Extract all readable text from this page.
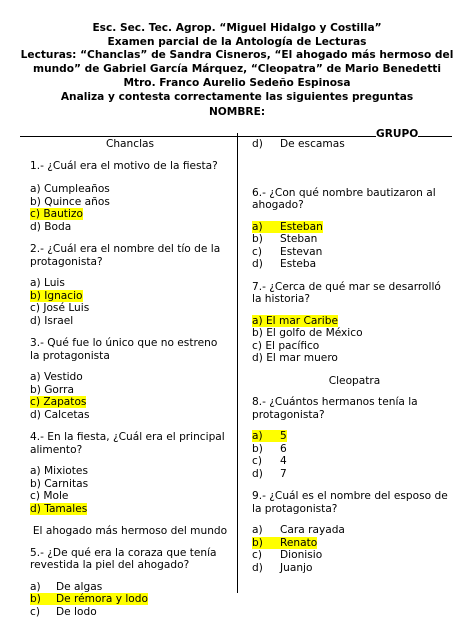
Esc. Sec. Tec. Agrop. “Miguel Hidalgo y Costilla”
Examen parcial de la Antología de Lecturas
Lecturas: “Chanclas” de Sandra Cisneros, “El ahogado más hermoso del
mundo” de Gabriel García Márquez, “Cleopatra” de Mario Benedetti
Mtro. Franco Aurelio Sedeño Espinosa
Analiza y contesta correctamente las siguientes preguntas
NOMBRE:
GRUPO
Chanclas
1.- ¿Cuál era el motivo de la fiesta?
a) Cumpleaños
b) Quince años
c) Bautizo
d) Boda
2.- ¿Cuál era el nombre del tío de la
protagonista?
a) Luis
b) Ignacio
c) José Luis
d) Israel
3.- Qué fue lo único que no estreno
la protagonista
a) Vestido
b) Gorra
c) Zapatos
d) Calcetas
4.- En la fiesta, ¿Cuál era el principal
alimento?
a) Mixiotes
b) Carnitas
c) Mole
d) Tamales
El ahogado más hermoso del mundo
5.- ¿De qué era la coraza que tenía
revestida la piel del ahogado?
a) De algas
b) De rémora y lodo
c) De lodo
d) De escamas
6.- ¿Con qué nombre bautizaron al
ahogado?
a) Esteban
b) Steban
c) Estevan
d) Esteba
7.- ¿Cerca de qué mar se desarrolló
la historia?
a) El mar Caribe
b) El golfo de México
c) El pacífico
d) El mar muero
Cleopatra
8.- ¿Cuántos hermanos tenía la
protagonista?
a) 5
b) 6
c) 4
d) 7
9.- ¿Cuál es el nombre del esposo de
la protagonista?
a) Cara rayada
b) Renato
c) Dionisio
d) Juanjo
